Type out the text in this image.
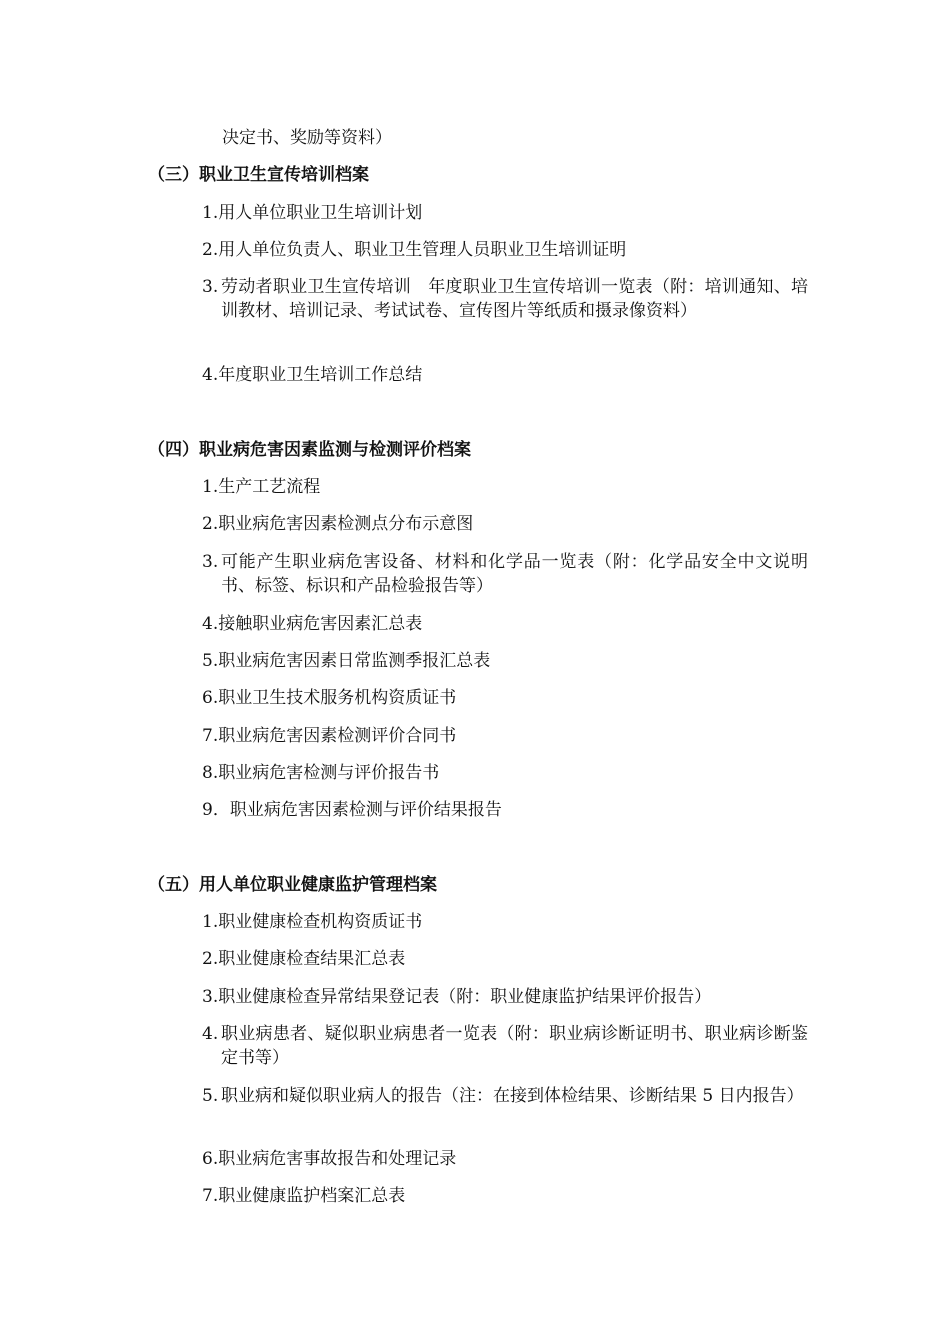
决定书、奖励等资料）
（三）职业卫生宣传培训档案
1.用人单位职业卫生培训计划
2.用人单位负责人、职业卫生管理人员职业卫生培训证明
3. 劳动者职业卫生宣传培训　年度职业卫生宣传培训一览表（附：培训通知、培训教材、培训记录、考试试卷、宣传图片等纸质和摄录像资料）
4.年度职业卫生培训工作总结
（四）职业病危害因素监测与检测评价档案
1.生产工艺流程
2.职业病危害因素检测点分布示意图
3. 可能产生职业病危害设备、材料和化学品一览表（附：化学品安全中文说明书、标签、标识和产品检验报告等）
4.接触职业病危害因素汇总表
5.职业病危害因素日常监测季报汇总表
6.职业卫生技术服务机构资质证书
7.职业病危害因素检测评价合同书
8.职业病危害检测与评价报告书
9．职业病危害因素检测与评价结果报告
（五）用人单位职业健康监护管理档案
1.职业健康检查机构资质证书
2.职业健康检查结果汇总表
3.职业健康检查异常结果登记表（附：职业健康监护结果评价报告）
4. 职业病患者、疑似职业病患者一览表（附：职业病诊断证明书、职业病诊断鉴定书等）
5. 职业病和疑似职业病人的报告（注：在接到体检结果、诊断结果 5 日内报告）
6.职业病危害事故报告和处理记录
7.职业健康监护档案汇总表
